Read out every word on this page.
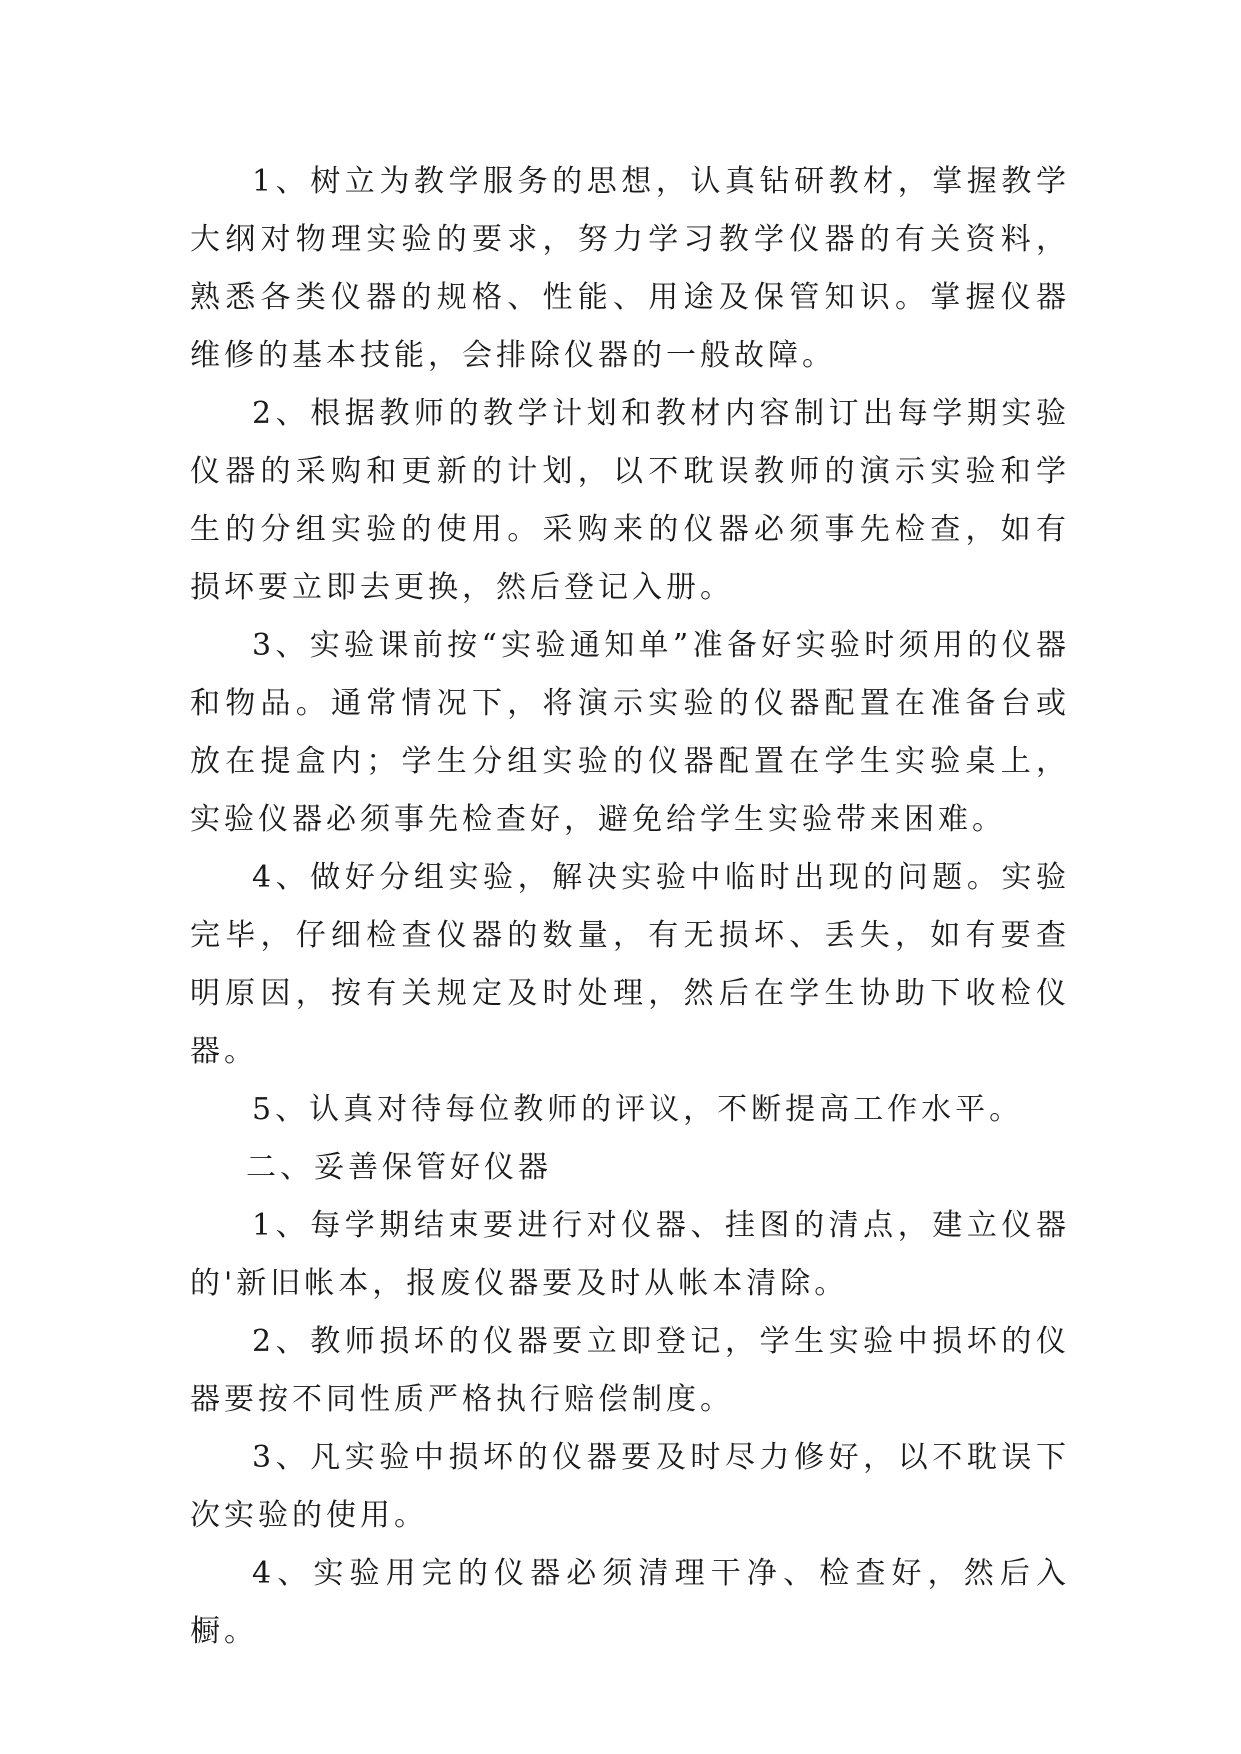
1、树立为教学服务的思想，认真钻研教材，掌握教学大纲对物理实验的要求，努力学习教学仪器的有关资料，熟悉各类仪器的规格、性能、用途及保管知识。掌握仪器维修的基本技能，会排除仪器的一般故障。

2、根据教师的教学计划和教材内容制订出每学期实验仪器的采购和更新的计划，以不耽误教师的演示实验和学生的分组实验的使用。采购来的仪器必须事先检查，如有损坏要立即去更换，然后登记入册。

3、实验课前按“实验通知单”准备好实验时须用的仪器和物品。通常情况下，将演示实验的仪器配置在准备台或放在提盒内；学生分组实验的仪器配置在学生实验桌上，实验仪器必须事先检查好，避免给学生实验带来困难。

4、做好分组实验，解决实验中临时出现的问题。实验完毕，仔细检查仪器的数量，有无损坏、丢失，如有要查明原因，按有关规定及时处理，然后在学生协助下收检仪器。

5、认真对待每位教师的评议，不断提高工作水平。

二、妥善保管好仪器

1、每学期结束要进行对仪器、挂图的清点，建立仪器的'新旧帐本，报废仪器要及时从帐本清除。

2、教师损坏的仪器要立即登记，学生实验中损坏的仪器要按不同性质严格执行赔偿制度。

3、凡实验中损坏的仪器要及时尽力修好，以不耽误下次实验的使用。

4、实验用完的仪器必须清理干净、检查好，然后入橱。
